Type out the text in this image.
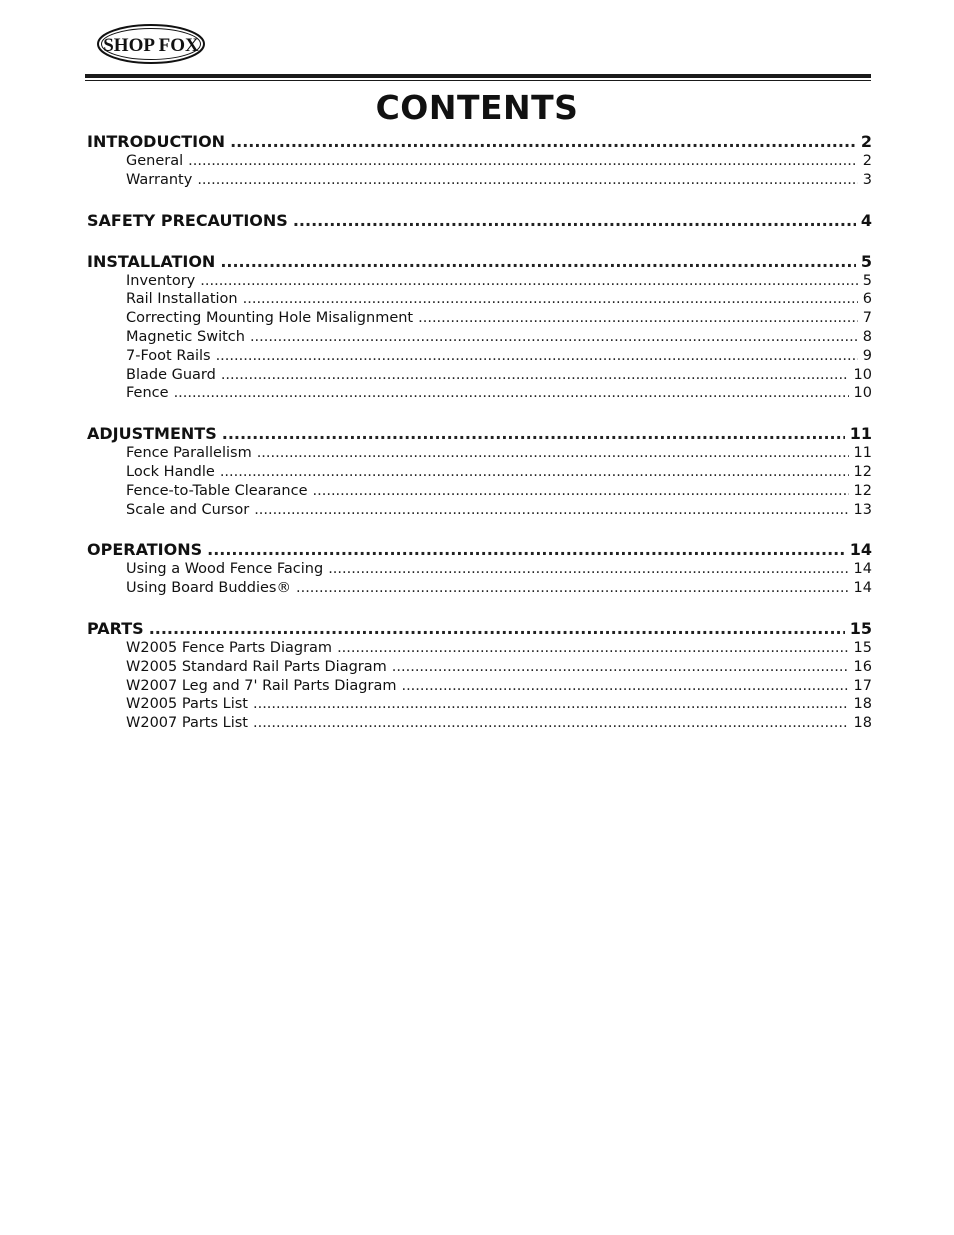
SHOP FOX
CONTENTS
INTRODUCTION .....	2
General .....	2
Warranty .....	3
SAFETY PRECAUTIONS .....	4
INSTALLATION .....	5
Inventory .....	5
Rail Installation .....	6
Correcting Mounting Hole Misalignment .....	7
Magnetic Switch .....	8
7-Foot Rails .....	9
Blade Guard .....	10
Fence .....	10
ADJUSTMENTS .....	11
Fence Parallelism .....	11
Lock Handle .....	12
Fence-to-Table Clearance .....	12
Scale and Cursor .....	13
OPERATIONS .....	14
Using a Wood Fence Facing .....	14
Using Board Buddies® .....	14
PARTS .....	15
W2005 Fence Parts Diagram .....	15
W2005 Standard Rail Parts Diagram .....	16
W2007 Leg and 7' Rail Parts Diagram .....	17
W2005 Parts List .....	18
W2007 Parts List .....	18
